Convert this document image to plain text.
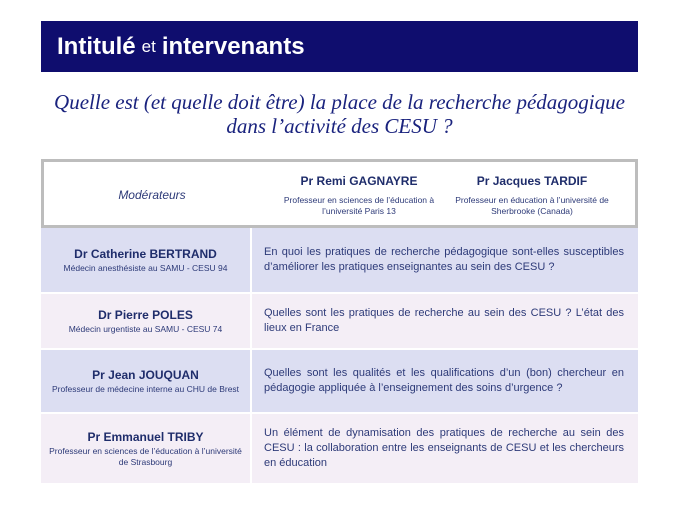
Intitulé et intervenants
Quelle est (et quelle doit être) la place de la recherche pédagogique dans l’activité des CESU ?
Modérateurs
Pr Remi GAGNAYRE
Professeur en sciences de l’éducation à l’université Paris 13
Pr Jacques TARDIF
Professeur en éducation à l’université de Sherbrooke (Canada)
Dr Catherine BERTRAND
Médecin anesthésiste au SAMU - CESU 94
En quoi les pratiques de recherche pédagogique sont-elles susceptibles d’améliorer les pratiques enseignantes au sein des CESU ?
Dr Pierre POLES
Médecin urgentiste au SAMU - CESU 74
Quelles sont les pratiques de recherche au sein des CESU ? L’état des lieux en France
Pr Jean JOUQUAN
Professeur de médecine interne au CHU de Brest
Quelles sont les qualités et les qualifications d’un (bon) chercheur en pédagogie appliquée à l’enseignement des soins d’urgence ?
Pr Emmanuel TRIBY
Professeur en sciences de l’éducation à l’université de Strasbourg
Un élément de dynamisation des pratiques de recherche au sein des CESU : la collaboration entre les enseignants de CESU et les chercheurs en éducation
